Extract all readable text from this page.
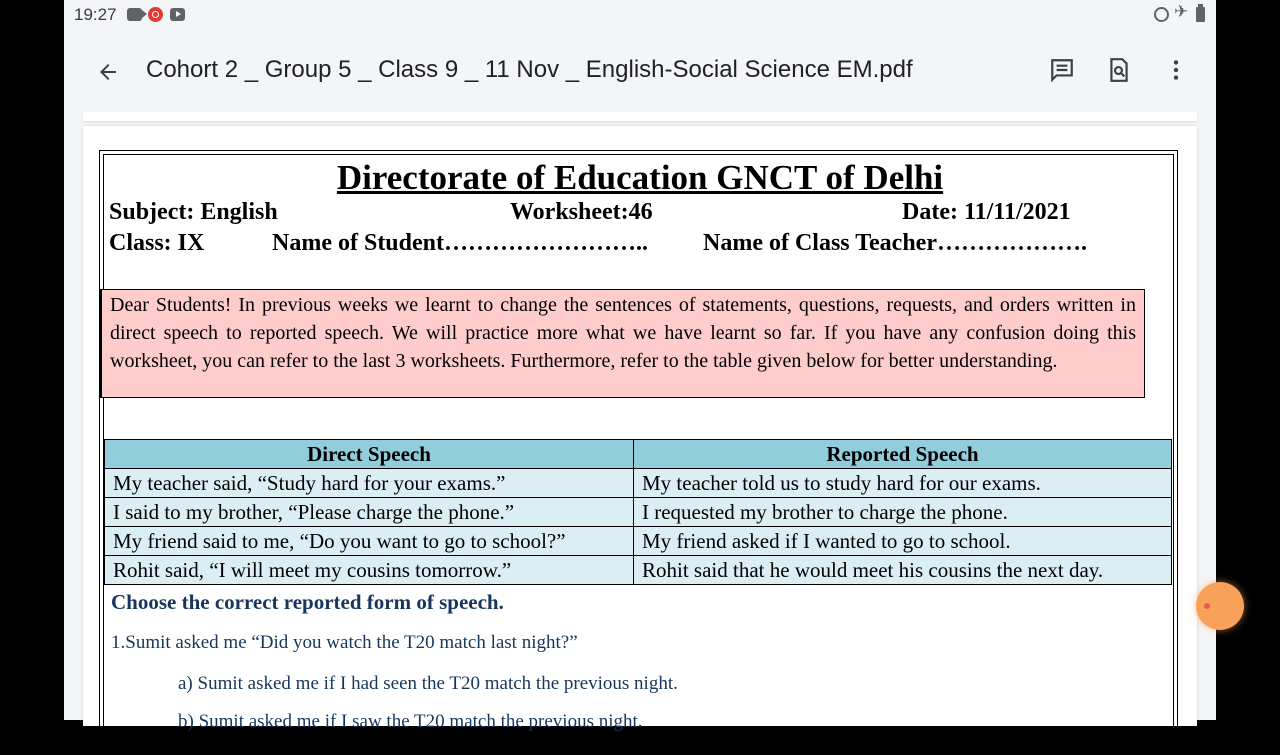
19:27	✈
Cohort 2 _ Group 5 _ Class 9 _ 11 Nov _ English-Social Science EM.pdf
Directorate of Education GNCT of Delhi
Subject: English	Worksheet:46	Date: 11/11/2021
Class: IX	Name of Student…………………….. Name of Class Teacher……………….

Dear Students! In previous weeks we learnt to change the sentences of statements, questions, requests, and orders written in direct speech to reported speech. We will practice more what we have learnt so far. If you have any confusion doing this worksheet, you can refer to the last 3 worksheets. Furthermore, refer to the table given below for better understanding.

Direct Speech	Reported Speech
My teacher said, “Study hard for your exams.”	My teacher told us to study hard for our exams.
I said to my brother, “Please charge the phone.”	I requested my brother to charge the phone.
My friend said to me, “Do you want to go to school?”	My friend asked if I wanted to go to school.
Rohit said, “I will meet my cousins tomorrow.”	Rohit said that he would meet his cousins the next day.
Choose the correct reported form of speech.
1.Sumit asked me “Did you watch the T20 match last night?”
a) Sumit asked me if I had seen the T20 match the previous night.
b) Sumit asked me if I saw the T20 match the previous night.
